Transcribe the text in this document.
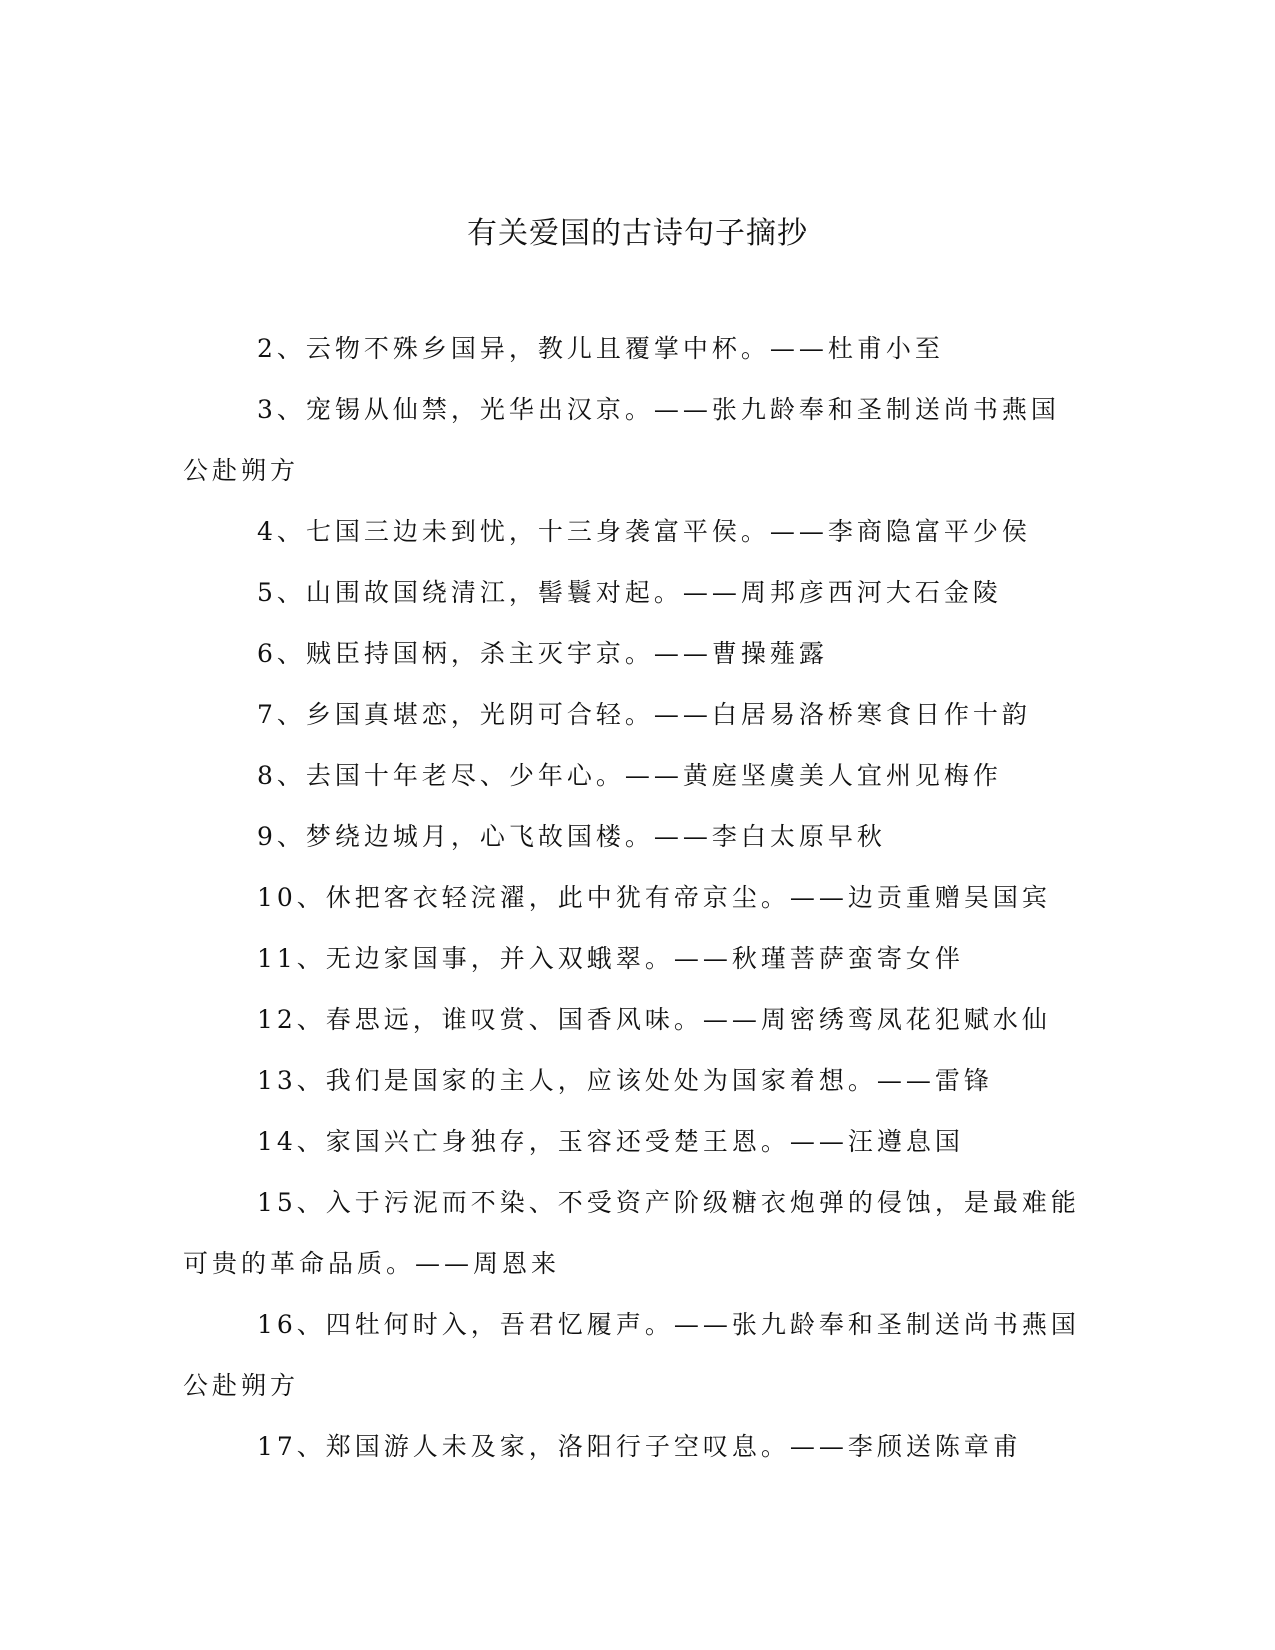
有关爱国的古诗句子摘抄

2、云物不殊乡国异，教儿且覆掌中杯。——杜甫小至

3、宠锡从仙禁，光华出汉京。——张九龄奉和圣制送尚书燕国公赴朔方

4、七国三边未到忧，十三身袭富平侯。——李商隐富平少侯

5、山围故国绕清江，髻鬟对起。——周邦彦西河大石金陵

6、贼臣持国柄，杀主灭宇京。——曹操薤露

7、乡国真堪恋，光阴可合轻。——白居易洛桥寒食日作十韵

8、去国十年老尽、少年心。——黄庭坚虞美人宜州见梅作

9、梦绕边城月，心飞故国楼。——李白太原早秋

10、休把客衣轻浣濯，此中犹有帝京尘。——边贡重赠吴国宾

11、无边家国事，并入双蛾翠。——秋瑾菩萨蛮寄女伴

12、春思远，谁叹赏、国香风味。——周密绣鸾凤花犯赋水仙

13、我们是国家的主人，应该处处为国家着想。——雷锋

14、家国兴亡身独存，玉容还受楚王恩。——汪遵息国

15、入于污泥而不染、不受资产阶级糖衣炮弹的侵蚀，是最难能可贵的革命品质。——周恩来

16、四牡何时入，吾君忆履声。——张九龄奉和圣制送尚书燕国公赴朔方

17、郑国游人未及家，洛阳行子空叹息。——李颀送陈章甫
